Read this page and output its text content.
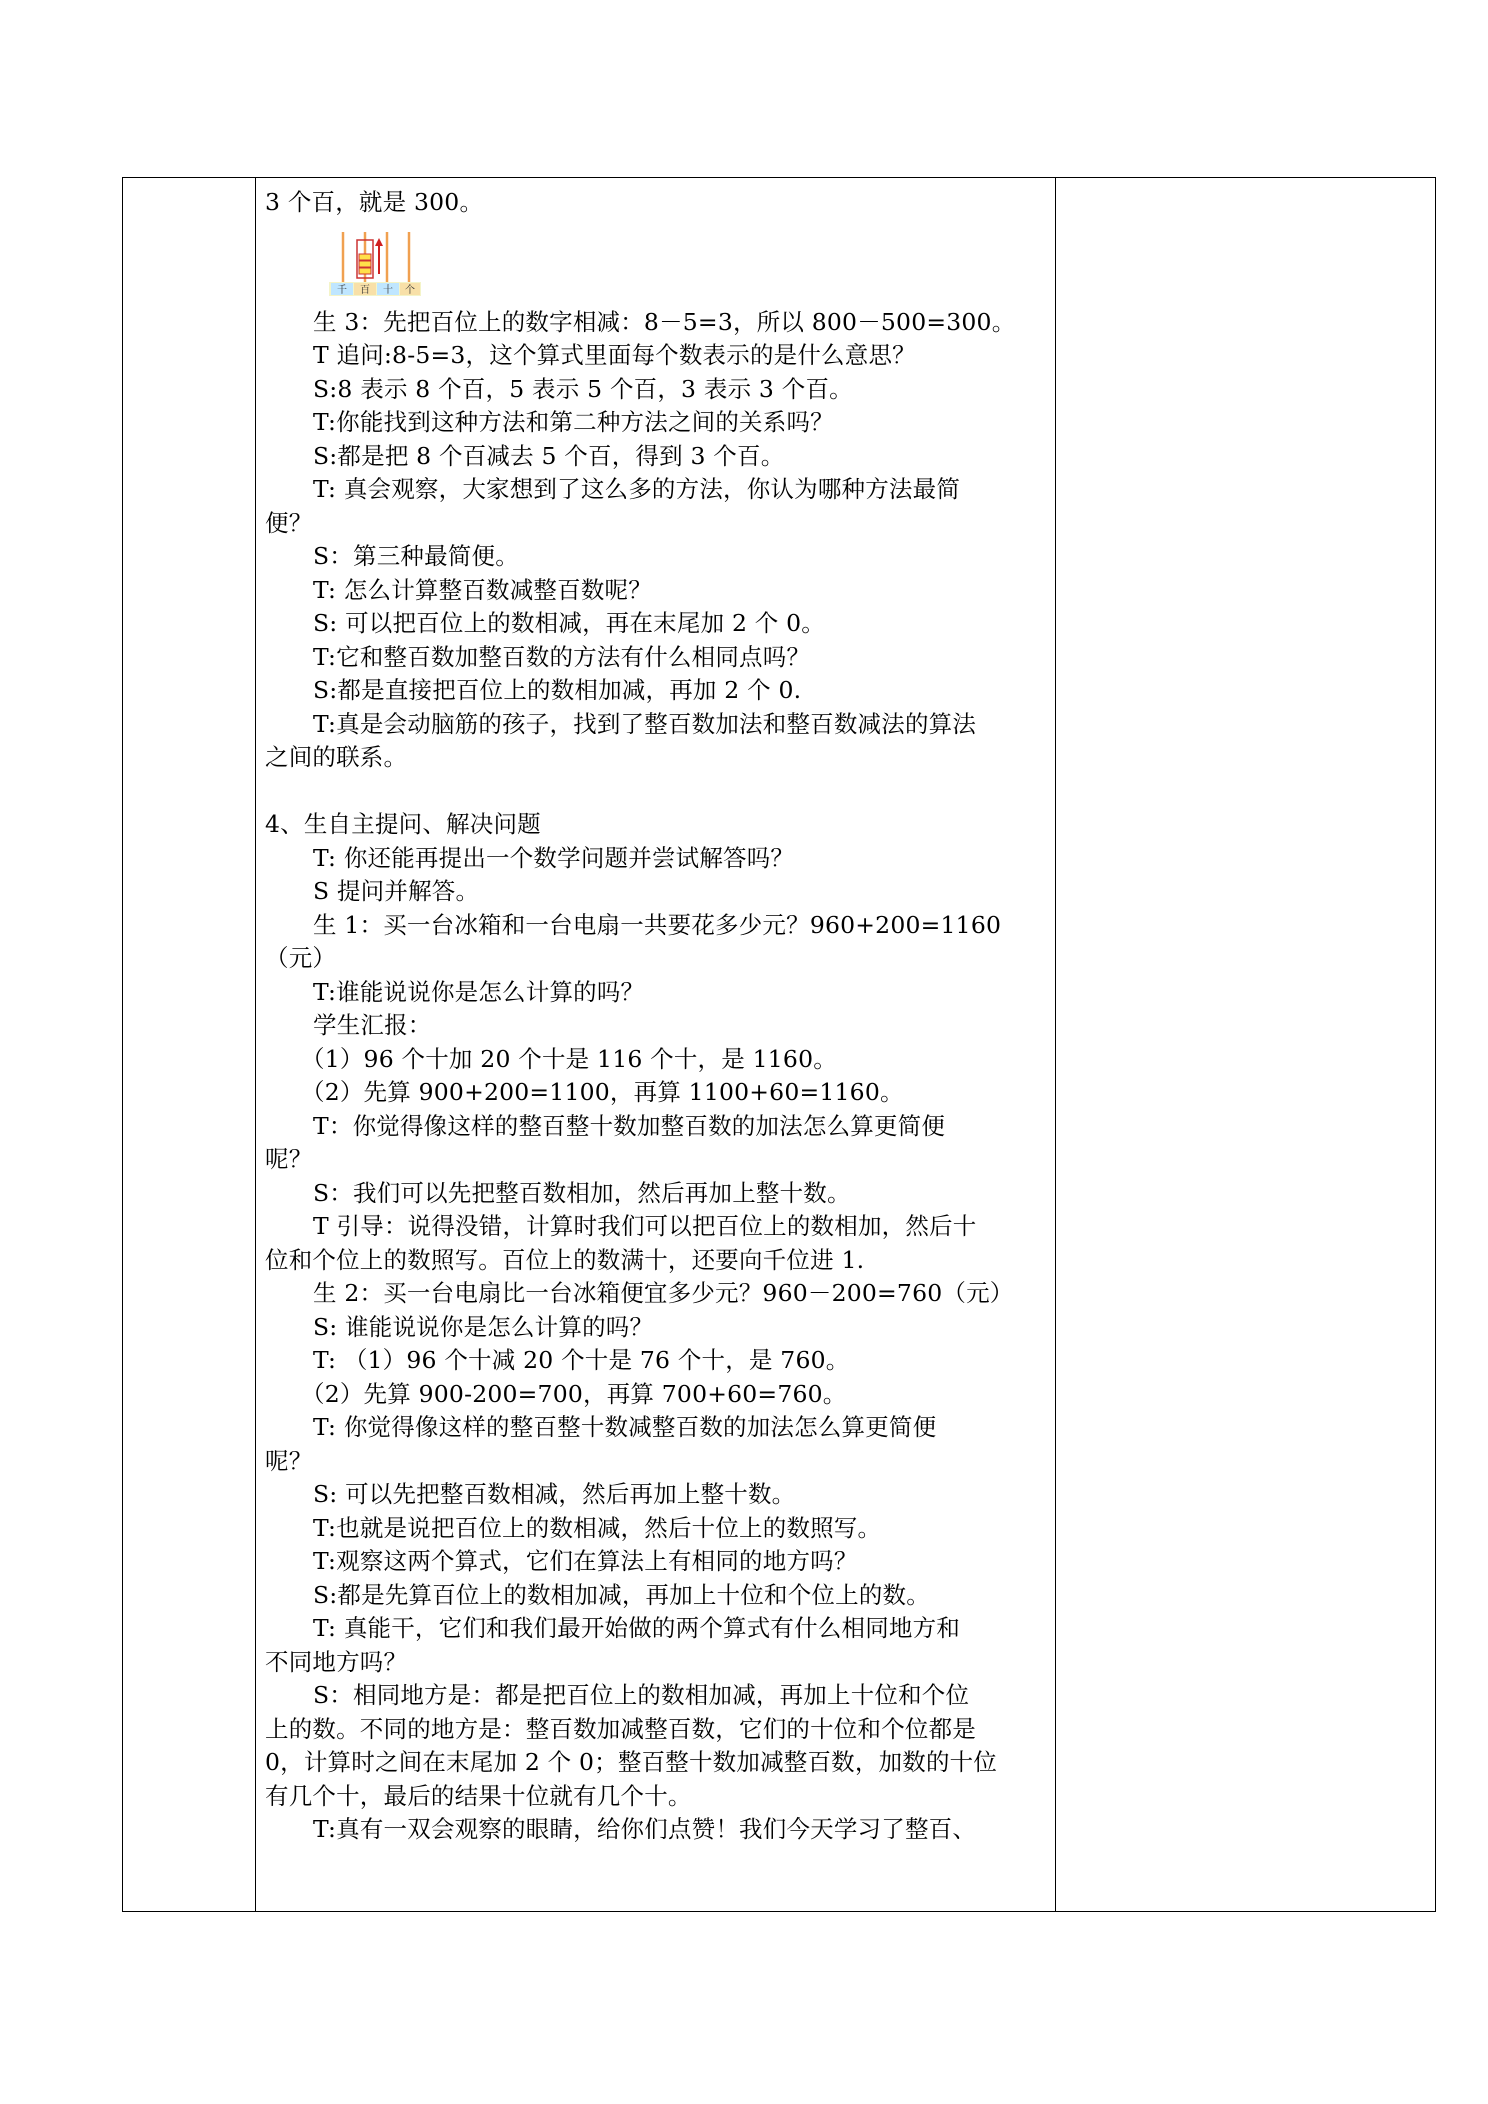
3 个百，就是 300。
千 百 十 个
生 3：先把百位上的数字相减：8－5=3，所以 800－500=300。
T 追问:8-5=3，这个算式里面每个数表示的是什么意思？
S:8 表示 8 个百，5 表示 5 个百，3 表示 3 个百。
T:你能找到这种方法和第二种方法之间的关系吗？
S:都是把 8 个百减去 5 个百，得到 3 个百。
T: 真会观察，大家想到了这么多的方法，你认为哪种方法最简
便？
S：第三种最简便。
T: 怎么计算整百数减整百数呢？
S: 可以把百位上的数相减，再在末尾加 2 个 0。
T:它和整百数加整百数的方法有什么相同点吗？
S:都是直接把百位上的数相加减，再加 2 个 0.
T:真是会动脑筋的孩子，找到了整百数加法和整百数减法的算法
之间的联系。
4、生自主提问、解决问题
T: 你还能再提出一个数学问题并尝试解答吗？
S 提问并解答。
生 1：买一台冰箱和一台电扇一共要花多少元？960+200=1160
（元）
T:谁能说说你是怎么计算的吗？
学生汇报：
（1）96 个十加 20 个十是 116 个十，是 1160。
（2）先算 900+200=1100，再算 1100+60=1160。
T：你觉得像这样的整百整十数加整百数的加法怎么算更简便
呢？
S：我们可以先把整百数相加，然后再加上整十数。
T 引导：说得没错，计算时我们可以把百位上的数相加，然后十
位和个位上的数照写。百位上的数满十，还要向千位进 1.
生 2：买一台电扇比一台冰箱便宜多少元？960－200=760（元）
S: 谁能说说你是怎么计算的吗？
T: （1）96 个十减 20 个十是 76 个十，是 760。
（2）先算 900-200=700，再算 700+60=760。
T: 你觉得像这样的整百整十数减整百数的加法怎么算更简便
呢？
S: 可以先把整百数相减，然后再加上整十数。
T:也就是说把百位上的数相减，然后十位上的数照写。
T:观察这两个算式，它们在算法上有相同的地方吗？
S:都是先算百位上的数相加减，再加上十位和个位上的数。
T: 真能干，它们和我们最开始做的两个算式有什么相同地方和
不同地方吗？
S：相同地方是：都是把百位上的数相加减，再加上十位和个位
上的数。不同的地方是：整百数加减整百数，它们的十位和个位都是
0，计算时之间在末尾加 2 个 0；整百整十数加减整百数，加数的十位
有几个十，最后的结果十位就有几个十。
T:真有一双会观察的眼睛，给你们点赞！我们今天学习了整百、
